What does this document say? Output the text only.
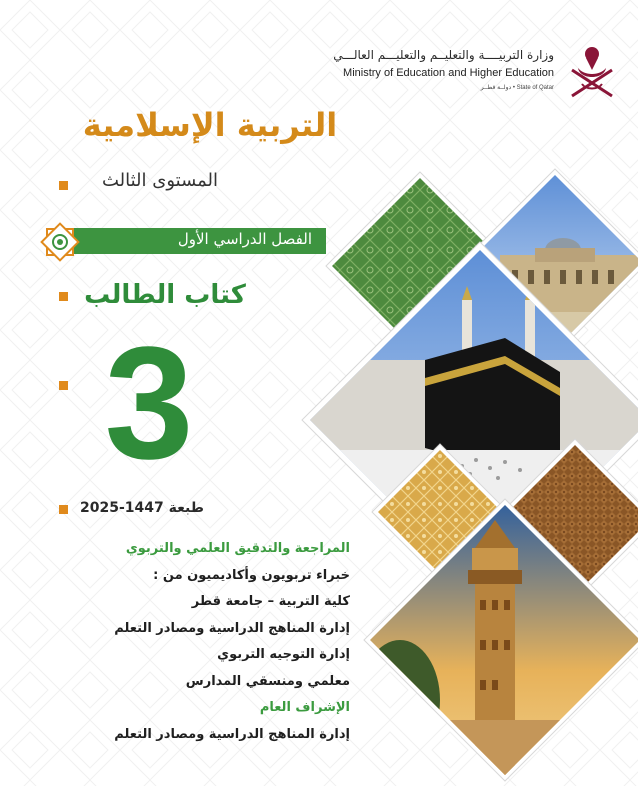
وزارة التربيــــة والتعليــم والتعليـــم العالـــي
Ministry of Education and Higher Education
State of Qatar • دولــة قطــر
التربية الإسلامية
المستوى الثالث
الفصل الدراسي الأول
كتاب الطالب
3
طبعة 1447-2025
المراجعة والتدقيق العلمي والتربوي
خبراء تربويون وأكاديميون من :
كلية التربية – جامعة قطر
إدارة المناهج الدراسية ومصادر التعلم
إدارة التوجيه التربوي
معلمي ومنسقي المدارس
الإشراف العام
إدارة المناهج الدراسية ومصادر التعلم
